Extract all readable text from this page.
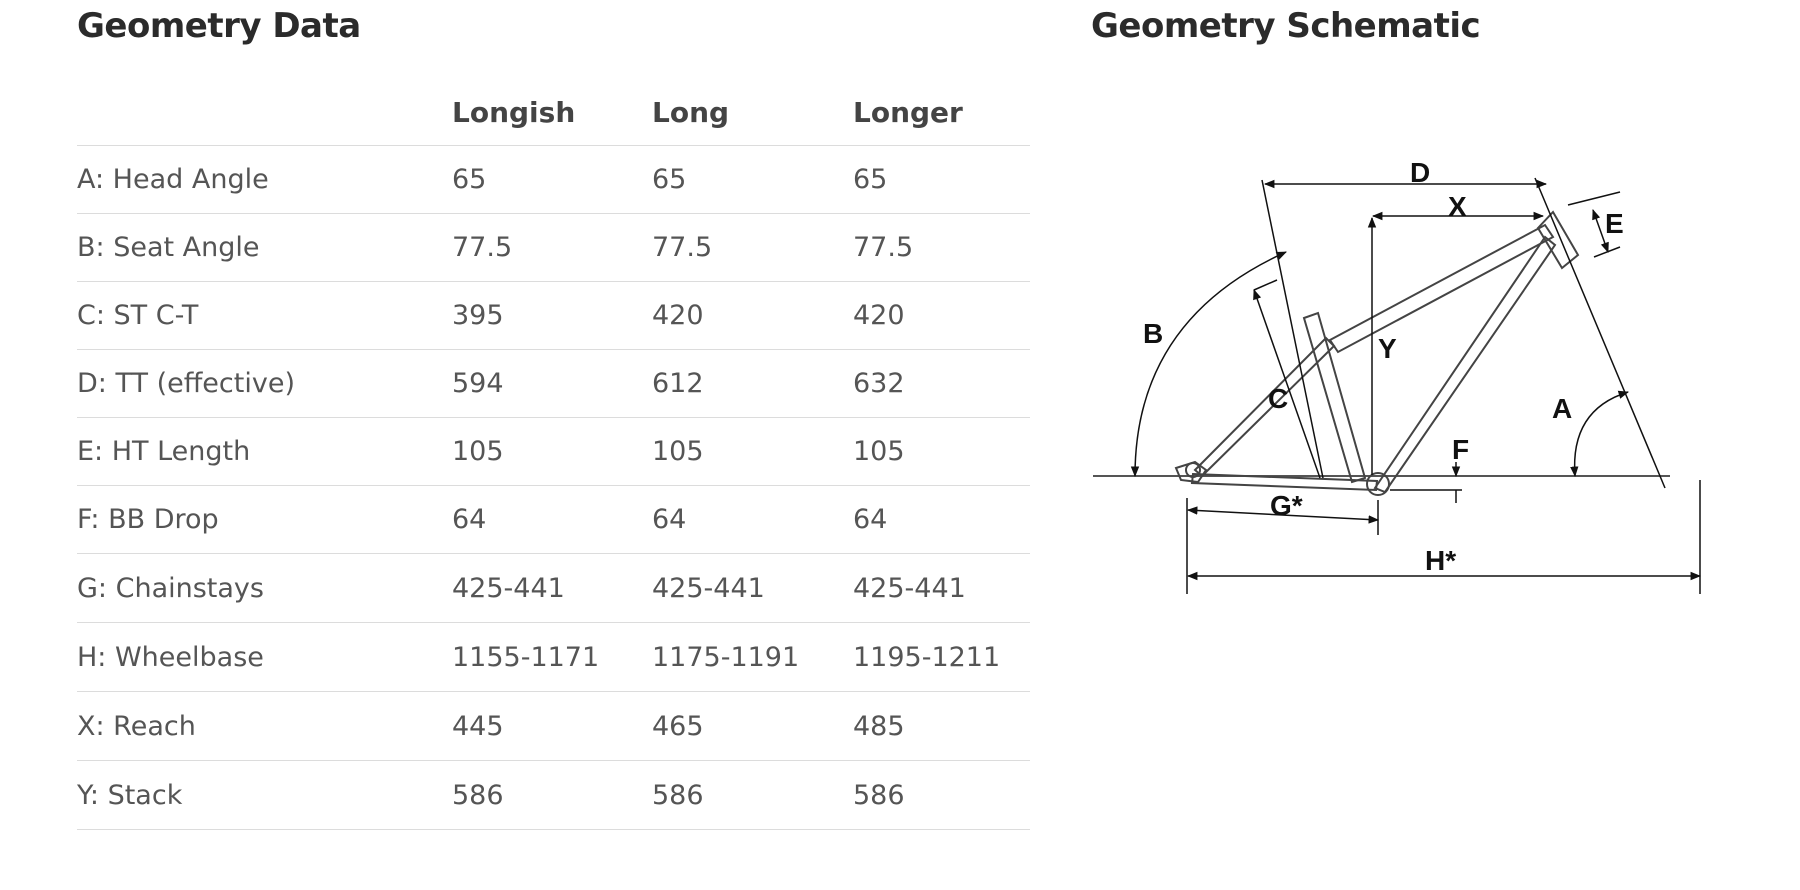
Geometry Data	Geometry Schematic
	Longish	Long	Longer
A: Head Angle	65	65	65
B: Seat Angle	77.5	77.5	77.5
C: ST C-T	395	420	420
D: TT (effective)	594	612	632
E: HT Length	105	105	105
F: BB Drop	64	64	64
G: Chainstays	425-441	425-441	425-441
H: Wheelbase	1155-1171	1175-1191	1195-1211
X: Reach	445	465	485
Y: Stack	586	586	586
D
X
E
B	Y
C	A
F
G*
H*
